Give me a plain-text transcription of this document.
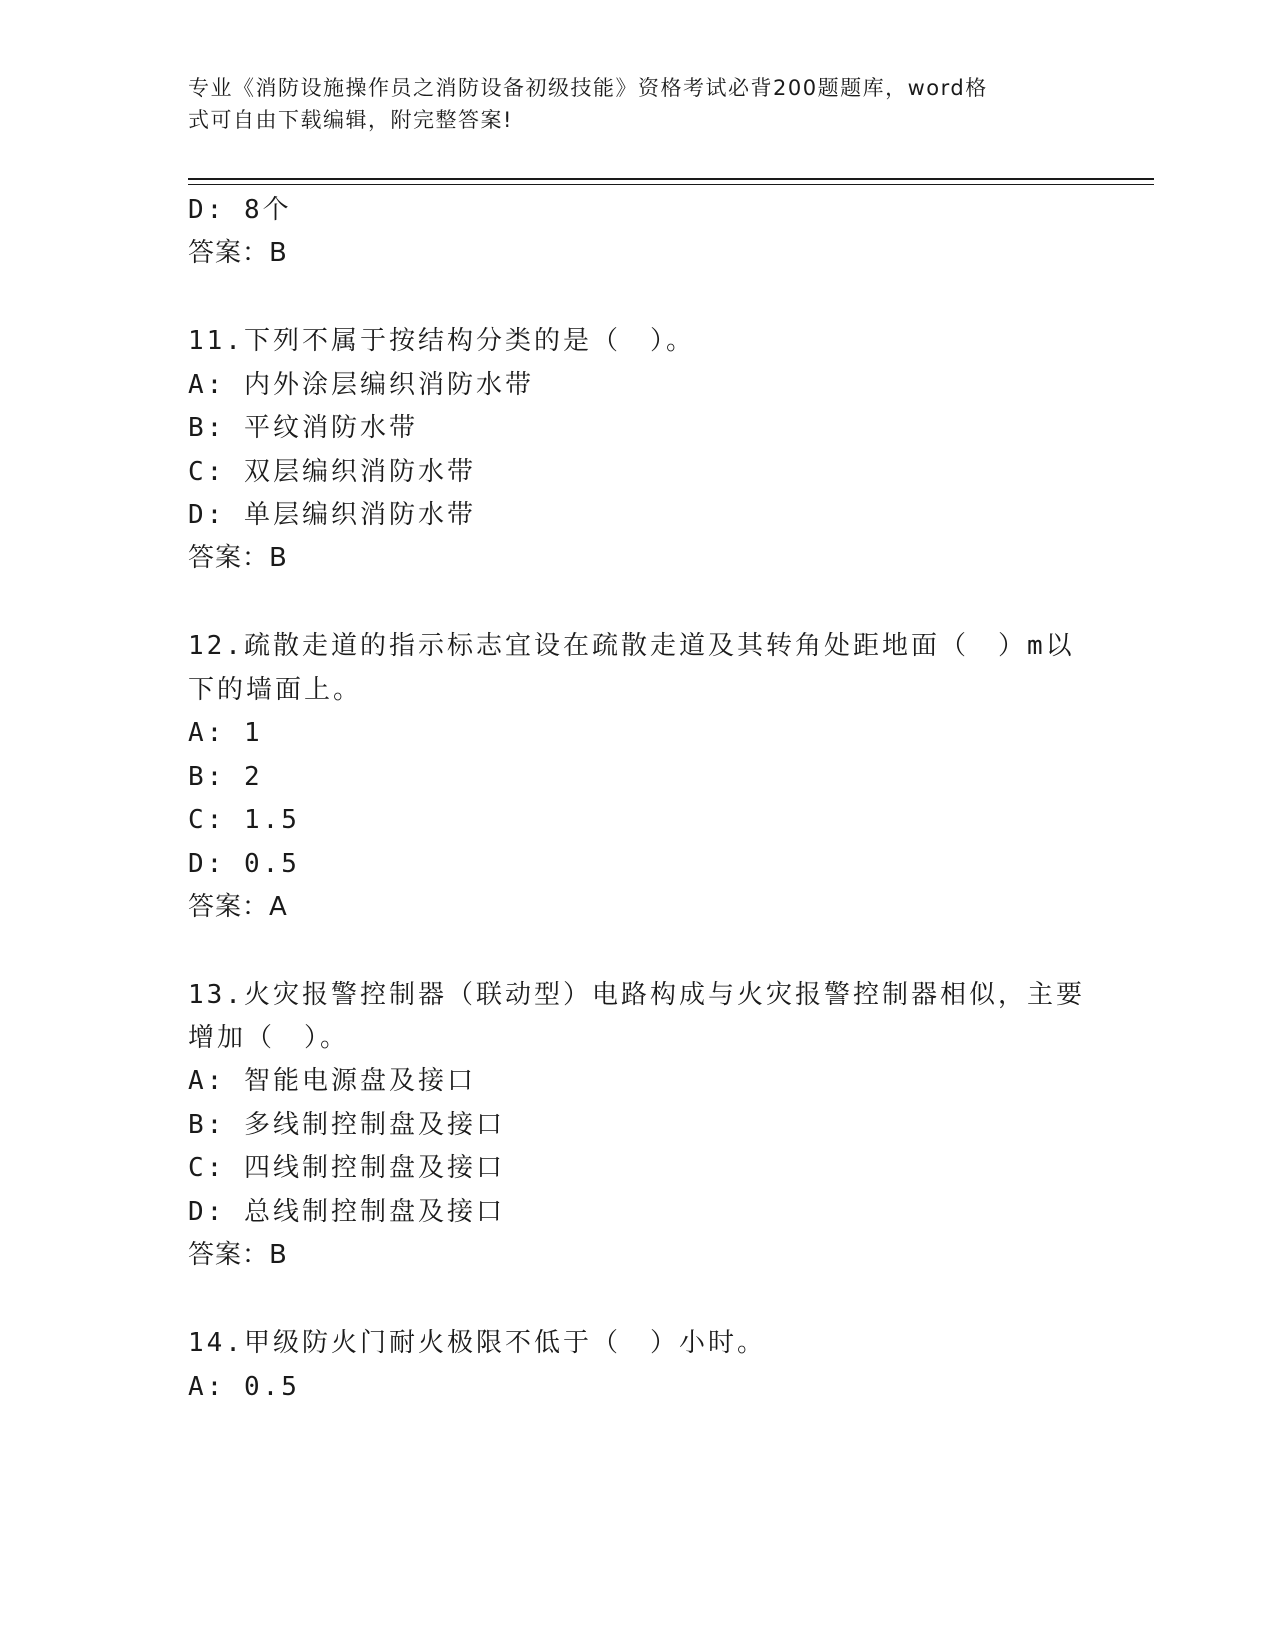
专业《消防设施操作员之消防设备初级技能》资格考试必背200题题库，word格
式可自由下载编辑，附完整答案!
D: 8个
答案：B
11.下列不属于按结构分类的是（　）。
A: 内外涂层编织消防水带
B: 平纹消防水带
C: 双层编织消防水带
D: 单层编织消防水带
答案：B
12.疏散走道的指示标志宜设在疏散走道及其转角处距地面（　）m以
下的墙面上。
A: 1
B: 2
C: 1.5
D: 0.5
答案：A
13.火灾报警控制器（联动型）电路构成与火灾报警控制器相似，主要
增加（　）。
A: 智能电源盘及接口
B: 多线制控制盘及接口
C: 四线制控制盘及接口
D: 总线制控制盘及接口
答案：B
14.甲级防火门耐火极限不低于（　）小时。
A: 0.5
